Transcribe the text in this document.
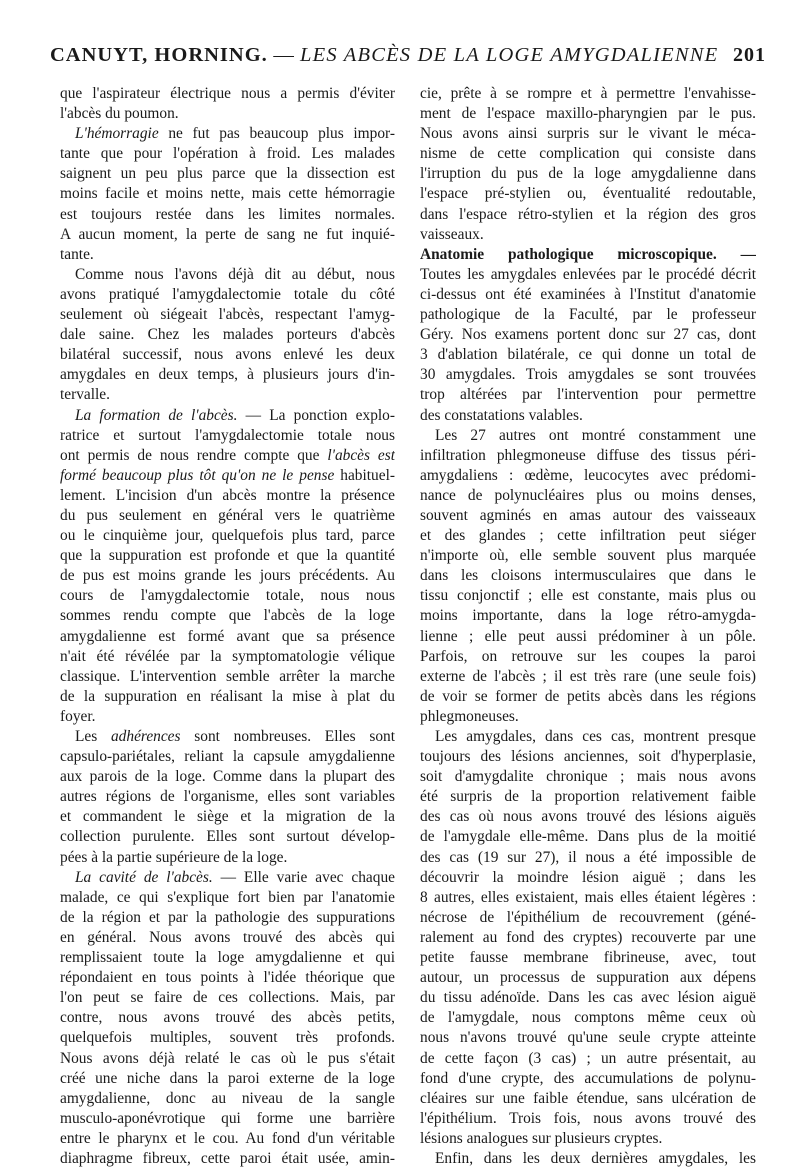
CANUYT, HORNING. — LES ABCÈS DE LA LOGE AMYGDALIENNE 201
que l'aspirateur électrique nous a permis d'éviter
l'abcès du poumon.
L'hémorragie ne fut pas beaucoup plus impor-
tante que pour l'opération à froid. Les malades
saignent un peu plus parce que la dissection est
moins facile et moins nette, mais cette hémorragie
est toujours restée dans les limites normales.
A aucun moment, la perte de sang ne fut inquié-
tante.
Comme nous l'avons déjà dit au début, nous
avons pratiqué l'amygdalectomie totale du côté
seulement où siégeait l'abcès, respectant l'amyg-
dale saine. Chez les malades porteurs d'abcès
bilatéral successif, nous avons enlevé les deux
amygdales en deux temps, à plusieurs jours d'in-
tervalle.
La formation de l'abcès. — La ponction explo-
ratrice et surtout l'amygdalectomie totale nous
ont permis de nous rendre compte que l'abcès est
formé beaucoup plus tôt qu'on ne le pense habituel-
lement. L'incision d'un abcès montre la présence
du pus seulement en général vers le quatrième
ou le cinquième jour, quelquefois plus tard, parce
que la suppuration est profonde et que la quantité
de pus est moins grande les jours précédents. Au
cours de l'amygdalectomie totale, nous nous
sommes rendu compte que l'abcès de la loge
amygdalienne est formé avant que sa présence
n'ait été révélée par la symptomatologie vélique
classique. L'intervention semble arrêter la marche
de la suppuration en réalisant la mise à plat du
foyer.
Les adhérences sont nombreuses. Elles sont
capsulo-pariétales, reliant la capsule amygdalienne
aux parois de la loge. Comme dans la plupart des
autres régions de l'organisme, elles sont variables
et commandent le siège et la migration de la
collection purulente. Elles sont surtout dévelop-
pées à la partie supérieure de la loge.
La cavité de l'abcès. — Elle varie avec chaque
malade, ce qui s'explique fort bien par l'anatomie
de la région et par la pathologie des suppurations
en général. Nous avons trouvé des abcès qui
remplissaient toute la loge amygdalienne et qui
répondaient en tous points à l'idée théorique que
l'on peut se faire de ces collections. Mais, par
contre, nous avons trouvé des abcès petits,
quelquefois multiples, souvent très profonds.
Nous avons déjà relaté le cas où le pus s'était
créé une niche dans la paroi externe de la loge
amygdalienne, donc au niveau de la sangle
musculo-aponévrotique qui forme une barrière
entre le pharynx et le cou. Au fond d'un véritable
diaphragme fibreux, cette paroi était usée, amin-
cie, prête à se rompre et à permettre l'envahisse-
ment de l'espace maxillo-pharyngien par le pus.
Nous avons ainsi surpris sur le vivant le méca-
nisme de cette complication qui consiste dans
l'irruption du pus de la loge amygdalienne dans
l'espace pré-stylien ou, éventualité redoutable,
dans l'espace rétro-stylien et la région des gros
vaisseaux.
Anatomie pathologique microscopique. —
Toutes les amygdales enlevées par le procédé décrit
ci-dessus ont été examinées à l'Institut d'anatomie
pathologique de la Faculté, par le professeur
Géry. Nos examens portent donc sur 27 cas, dont
3 d'ablation bilatérale, ce qui donne un total de
30 amygdales. Trois amygdales se sont trouvées
trop altérées par l'intervention pour permettre
des constatations valables.
Les 27 autres ont montré constamment une
infiltration phlegmoneuse diffuse des tissus péri-
amygdaliens : œdème, leucocytes avec prédomi-
nance de polynucléaires plus ou moins denses,
souvent agminés en amas autour des vaisseaux
et des glandes ; cette infiltration peut siéger
n'importe où, elle semble souvent plus marquée
dans les cloisons intermusculaires que dans le
tissu conjonctif ; elle est constante, mais plus ou
moins importante, dans la loge rétro-amygda-
lienne ; elle peut aussi prédominer à un pôle.
Parfois, on retrouve sur les coupes la paroi
externe de l'abcès ; il est très rare (une seule fois)
de voir se former de petits abcès dans les régions
phlegmoneuses.
Les amygdales, dans ces cas, montrent presque
toujours des lésions anciennes, soit d'hyperplasie,
soit d'amygdalite chronique ; mais nous avons
été surpris de la proportion relativement faible
des cas où nous avons trouvé des lésions aiguës
de l'amygdale elle-même. Dans plus de la moitié
des cas (19 sur 27), il nous a été impossible de
découvrir la moindre lésion aiguë ; dans les
8 autres, elles existaient, mais elles étaient légères :
nécrose de l'épithélium de recouvrement (géné-
ralement au fond des cryptes) recouverte par une
petite fausse membrane fibrineuse, avec, tout
autour, un processus de suppuration aux dépens
du tissu adénoïde. Dans les cas avec lésion aiguë
de l'amygdale, nous comptons même ceux où
nous n'avons trouvé qu'une seule crypte atteinte
de cette façon (3 cas) ; un autre présentait, au
fond d'une crypte, des accumulations de polynu-
cléaires sur une faible étendue, sans ulcération de
l'épithélium. Trois fois, nous avons trouvé des
lésions analogues sur plusieurs cryptes.
Enfin, dans les deux dernières amygdales, les
